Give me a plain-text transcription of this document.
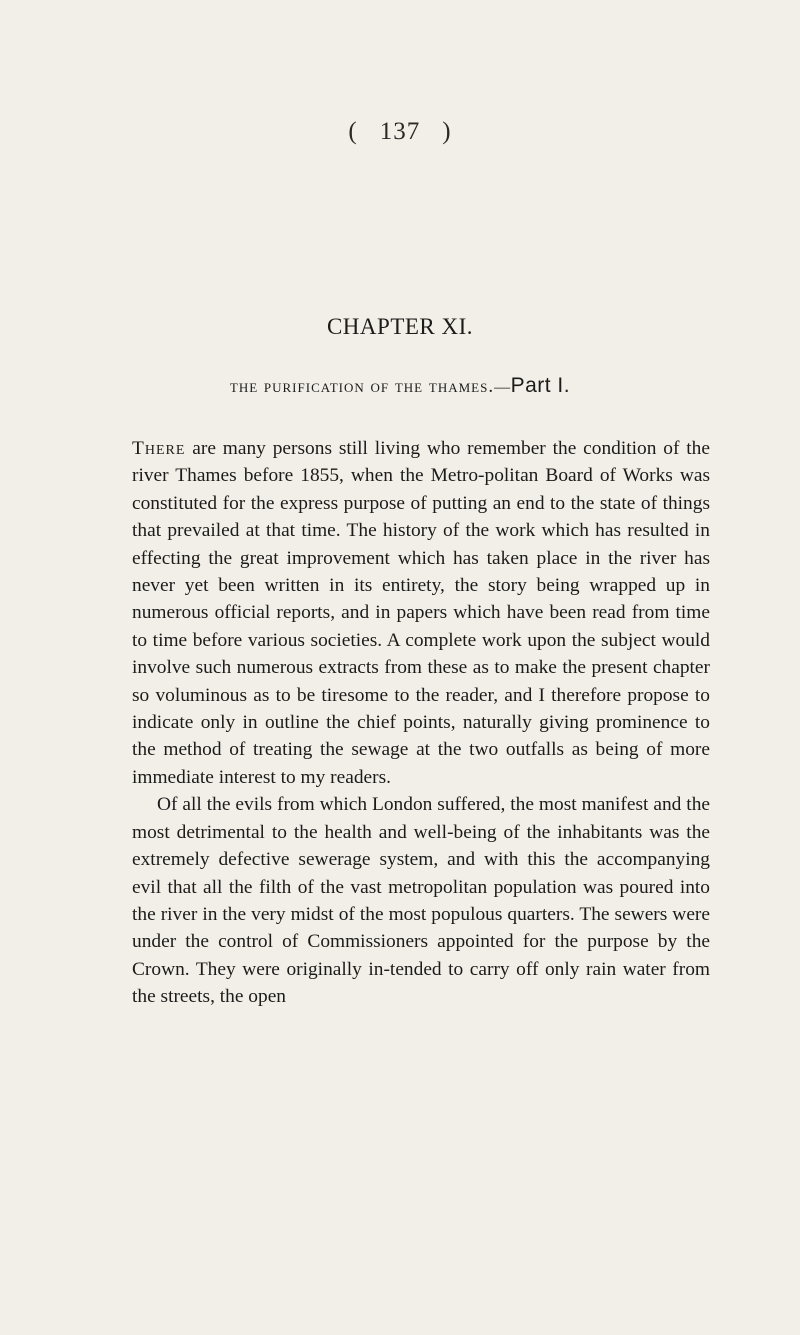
( 137 )
CHAPTER XI.
the purification of the thames.—Part I.

There are many persons still living who remember the condition of the river Thames before 1855, when the Metro-politan Board of Works was constituted for the express purpose of putting an end to the state of things that prevailed at that time. The history of the work which has resulted in effecting the great improvement which has taken place in the river has never yet been written in its entirety, the story being wrapped up in numerous official reports, and in papers which have been read from time to time before various societies. A complete work upon the subject would involve such numerous extracts from these as to make the present chapter so voluminous as to be tiresome to the reader, and I therefore propose to indicate only in outline the chief points, naturally giving prominence to the method of treating the sewage at the two outfalls as being of more immediate interest to my readers.

Of all the evils from which London suffered, the most manifest and the most detrimental to the health and well-being of the inhabitants was the extremely defective sewerage system, and with this the accompanying evil that all the filth of the vast metropolitan population was poured into the river in the very midst of the most populous quarters. The sewers were under the control of Commissioners appointed for the purpose by the Crown. They were originally in-tended to carry off only rain water from the streets, the open
